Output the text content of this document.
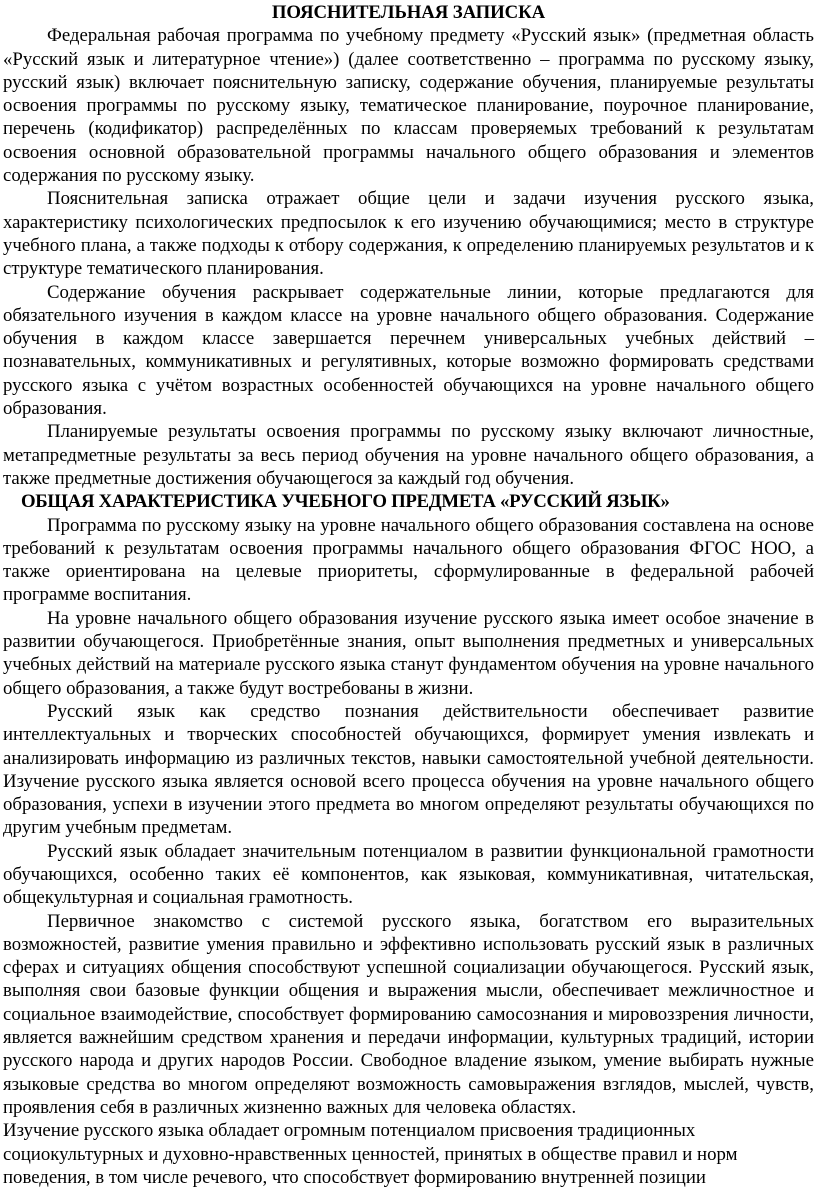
ПОЯСНИТЕЛЬНАЯ ЗАПИСКА

Федеральная рабочая программа по учебному предмету «Русский язык» (предметная область «Русский язык и литературное чтение») (далее соответственно – программа по русскому языку, русский язык) включает пояснительную записку, содержание обучения, планируемые результаты освоения программы по русскому языку, тематическое планирование, поурочное планирование, перечень (кодификатор) распределённых по классам проверяемых требований к результатам освоения основной образовательной программы начального общего образования и элементов содержания по русскому языку.

Пояснительная записка отражает общие цели и задачи изучения русского языка, характеристику психологических предпосылок к его изучению обучающимися; место в структуре учебного плана, а также подходы к отбору содержания, к определению планируемых результатов и к структуре тематического планирования.

Содержание обучения раскрывает содержательные линии, которые предлагаются для обязательного изучения в каждом классе на уровне начального общего образования. Содержание обучения в каждом классе завершается перечнем универсальных учебных действий – познавательных, коммуникативных и регулятивных, которые возможно формировать средствами русского языка с учётом возрастных особенностей обучающихся на уровне начального общего образования.

Планируемые результаты освоения программы по русскому языку включают личностные, метапредметные результаты за весь период обучения на уровне начального общего образования, а также предметные достижения обучающегося за каждый год обучения.

ОБЩАЯ ХАРАКТЕРИСТИКА УЧЕБНОГО ПРЕДМЕТА «РУССКИЙ ЯЗЫК»

Программа по русскому языку на уровне начального общего образования составлена на основе требований к результатам освоения программы начального общего образования ФГОС НОО, а также ориентирована на целевые приоритеты, сформулированные в федеральной рабочей программе воспитания.

На уровне начального общего образования изучение русского языка имеет особое значение в развитии обучающегося. Приобретённые знания, опыт выполнения предметных и универсальных учебных действий на материале русского языка станут фундаментом обучения на уровне начального общего образования, а также будут востребованы в жизни.

Русский язык как средство познания действительности обеспечивает развитие интеллектуальных и творческих способностей обучающихся, формирует умения извлекать и анализировать информацию из различных текстов, навыки самостоятельной учебной деятельности. Изучение русского языка является основой всего процесса обучения на уровне начального общего образования, успехи в изучении этого предмета во многом определяют результаты обучающихся по другим учебным предметам.

Русский язык обладает значительным потенциалом в развитии функциональной грамотности обучающихся, особенно таких её компонентов, как языковая, коммуникативная, читательская, общекультурная и социальная грамотность.

Первичное знакомство с системой русского языка, богатством его выразительных возможностей, развитие умения правильно и эффективно использовать русский язык в различных сферах и ситуациях общения способствуют успешной социализации обучающегося. Русский язык, выполняя свои базовые функции общения и выражения мысли, обеспечивает межличностное и социальное взаимодействие, способствует формированию самосознания и мировоззрения личности, является важнейшим средством хранения и передачи информации, культурных традиций, истории русского народа и других народов России. Свободное владение языком, умение выбирать нужные языковые средства во многом определяют возможность самовыражения взглядов, мыслей, чувств, проявления себя в различных жизненно важных для человека областях.

Изучение русского языка обладает огромным потенциалом присвоения традиционных

социокультурных и духовно-нравственных ценностей, принятых в обществе правил и норм

поведения, в том числе речевого, что способствует формированию внутренней позиции
